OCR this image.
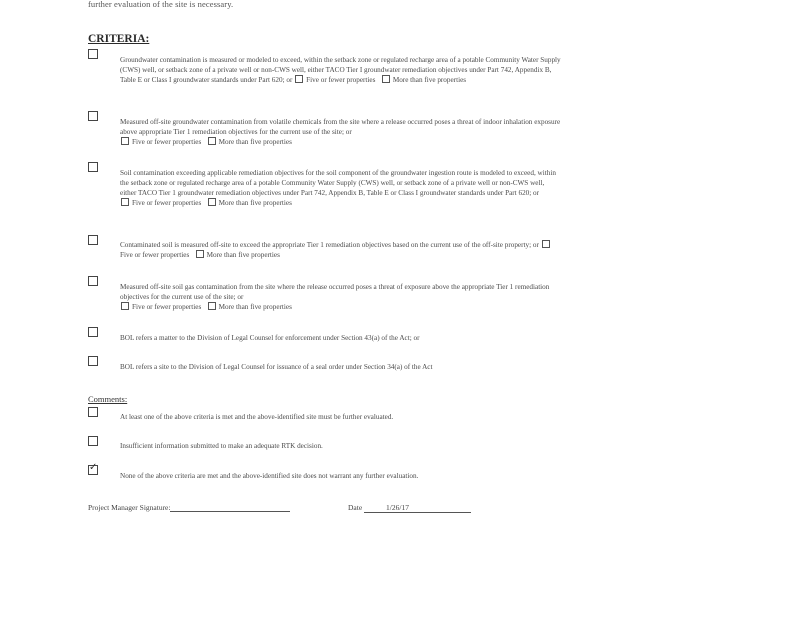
further evaluation of the site is necessary.
CRITERIA:
Groundwater contamination is measured or modeled to exceed, within the setback zone or regulated recharge area of a potable Community Water Supply (CWS) well, or setback zone of a private well or non-CWS well, either TACO Tier I groundwater remediation objectives under Part 742, Appendix B, Table E or Class I groundwater standards under Part 620; or Five or fewer properties More than five properties
Measured off-site groundwater contamination from volatile chemicals from the site where a release occurred poses a threat of indoor inhalation exposure above appropriate Tier 1 remediation objectives for the current use of the site; or
Five or fewer properties More than five properties
Soil contamination exceeding applicable remediation objectives for the soil component of the groundwater ingestion route is modeled to exceed, within the setback zone or regulated recharge area of a potable Community Water Supply (CWS) well, or setback zone of a private well or non-CWS well, either TACO Tier 1 groundwater remediation objectives under Part 742, Appendix B, Table E or Class I groundwater standards under Part 620; or
Five or fewer properties More than five properties
Contaminated soil is measured off-site to exceed the appropriate Tier 1 remediation objectives based on the current use of the off-site property; or Five or fewer properties More than five properties
Measured off-site soil gas contamination from the site where the release occurred poses a threat of exposure above the appropriate Tier 1 remediation objectives for the current use of the site; or
Five or fewer properties More than five properties
BOL refers a matter to the Division of Legal Counsel for enforcement under Section 43(a) of the Act; or
BOL refers a site to the Division of Legal Counsel for issuance of a seal order under Section 34(a) of the Act
Comments:
At least one of the above criteria is met and the above-identified site must be further evaluated.
Insufficient information submitted to make an adequate RTK decision.
✓
None of the above criteria are met and the above-identified site does not warrant any further evaluation.
Project Manager Signature:	Date	1/26/17
